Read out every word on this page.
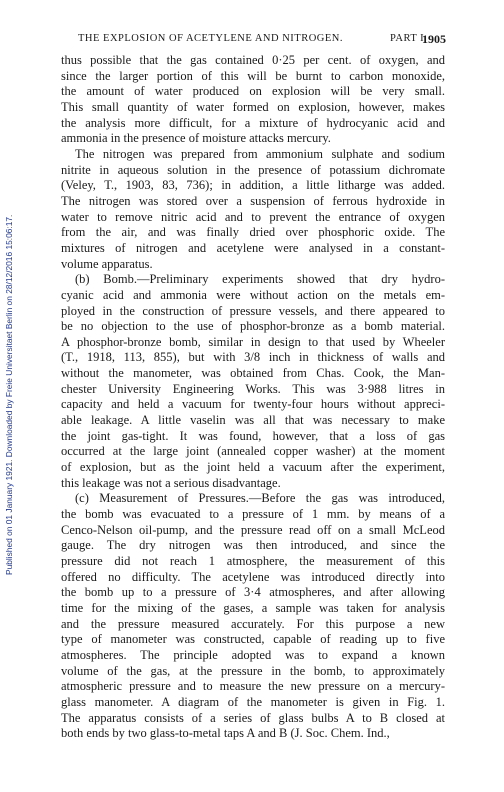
Published on 01 January 1921. Downloaded by Freie Universitaet Berlin on 28/12/2016 15:06:17.
THE EXPLOSION OF ACETYLENE AND NITROGEN.	PART I.
1905
thus possible that the gas contained 0·25 per cent. of oxygen, and
since the larger portion of this will be burnt to carbon monoxide,
the amount of water produced on explosion will be very small.
This small quantity of water formed on explosion, however, makes
the analysis more difficult, for a mixture of hydrocyanic acid and
ammonia in the presence of moisture attacks mercury.
The nitrogen was prepared from ammonium sulphate and sodium
nitrite in aqueous solution in the presence of potassium dichromate
(Veley, T., 1903, 83, 736); in addition, a little litharge was added.
The nitrogen was stored over a suspension of ferrous hydroxide in
water to remove nitric acid and to prevent the entrance of oxygen
from the air, and was finally dried over phosphoric oxide. The
mixtures of nitrogen and acetylene were analysed in a constant-
volume apparatus.
(b) Bomb.—Preliminary experiments showed that dry hydro-
cyanic acid and ammonia were without action on the metals em-
ployed in the construction of pressure vessels, and there appeared to
be no objection to the use of phosphor-bronze as a bomb material.
A phosphor-bronze bomb, similar in design to that used by Wheeler
(T., 1918, 113, 855), but with 3/8 inch in thickness of walls and
without the manometer, was obtained from Chas. Cook, the Man-
chester University Engineering Works. This was 3·988 litres in
capacity and held a vacuum for twenty-four hours without appreci-
able leakage. A little vaselin was all that was necessary to make
the joint gas-tight. It was found, however, that a loss of gas
occurred at the large joint (annealed copper washer) at the moment
of explosion, but as the joint held a vacuum after the experiment,
this leakage was not a serious disadvantage.
(c) Measurement of Pressures.—Before the gas was introduced,
the bomb was evacuated to a pressure of 1 mm. by means of a
Cenco-Nelson oil-pump, and the pressure read off on a small McLeod
gauge. The dry nitrogen was then introduced, and since the
pressure did not reach 1 atmosphere, the measurement of this
offered no difficulty. The acetylene was introduced directly into
the bomb up to a pressure of 3·4 atmospheres, and after allowing
time for the mixing of the gases, a sample was taken for analysis
and the pressure measured accurately. For this purpose a new
type of manometer was constructed, capable of reading up to five
atmospheres. The principle adopted was to expand a known
volume of the gas, at the pressure in the bomb, to approximately
atmospheric pressure and to measure the new pressure on a mercury-
glass manometer. A diagram of the manometer is given in Fig. 1.
The apparatus consists of a series of glass bulbs A to B closed at
both ends by two glass-to-metal taps A and B (J. Soc. Chem. Ind.,
